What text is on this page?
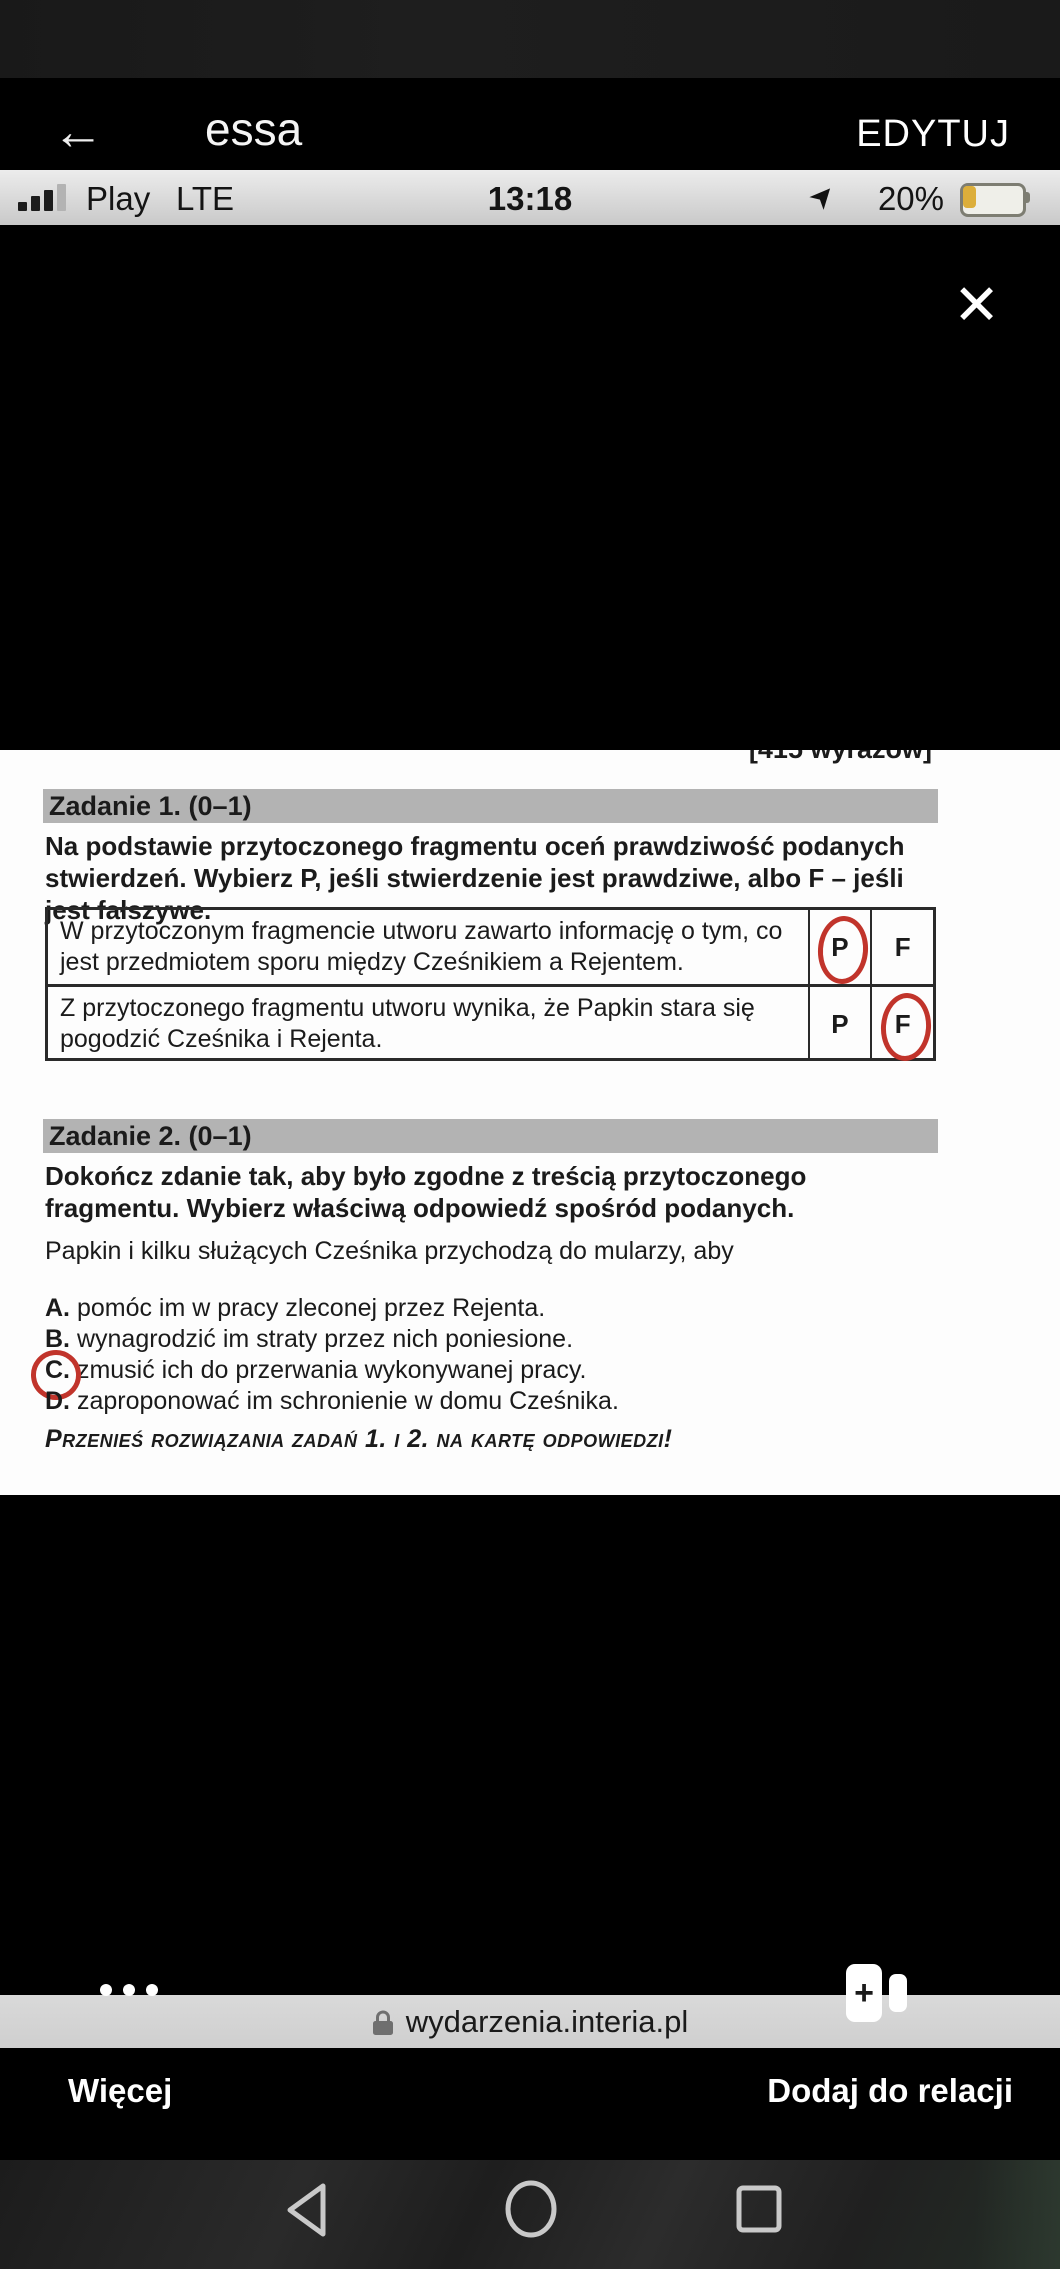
← essa	EDYTUJ
Play LTE	13:18	➤ 20%
✕
Zadanie 1. (0–1)
Na podstawie przytoczonego fragmentu oceń prawdziwość podanych stwierdzeń. Wybierz P, jeśli stwierdzenie jest prawdziwe, albo F – jeśli jest fałszywe.
W przytoczonym fragmencie utworu zawarto informację o tym, co jest przedmiotem sporu między Cześnikiem a Rejentem.
P F
Z przytoczonego fragmentu utworu wynika, że Papkin stara się pogodzić Cześnika i Rejenta.
P F
Zadanie 2. (0–1)
Dokończ zdanie tak, aby było zgodne z treścią przytoczonego fragmentu. Wybierz właściwą odpowiedź spośród podanych.
Papkin i kilku służących Cześnika przychodzą do mularzy, aby
A. pomóc im w pracy zleconej przez Rejenta.
B. wynagrodzić im straty przez nich poniesione.
C. zmusić ich do przerwania wykonywanej pracy.
D. zaproponować im schronienie w domu Cześnika.
Przenieś rozwiązania zadań 1. i 2. na kartę odpowiedzi!
+
wydarzenia.interia.pl
Więcej	Dodaj do relacji
